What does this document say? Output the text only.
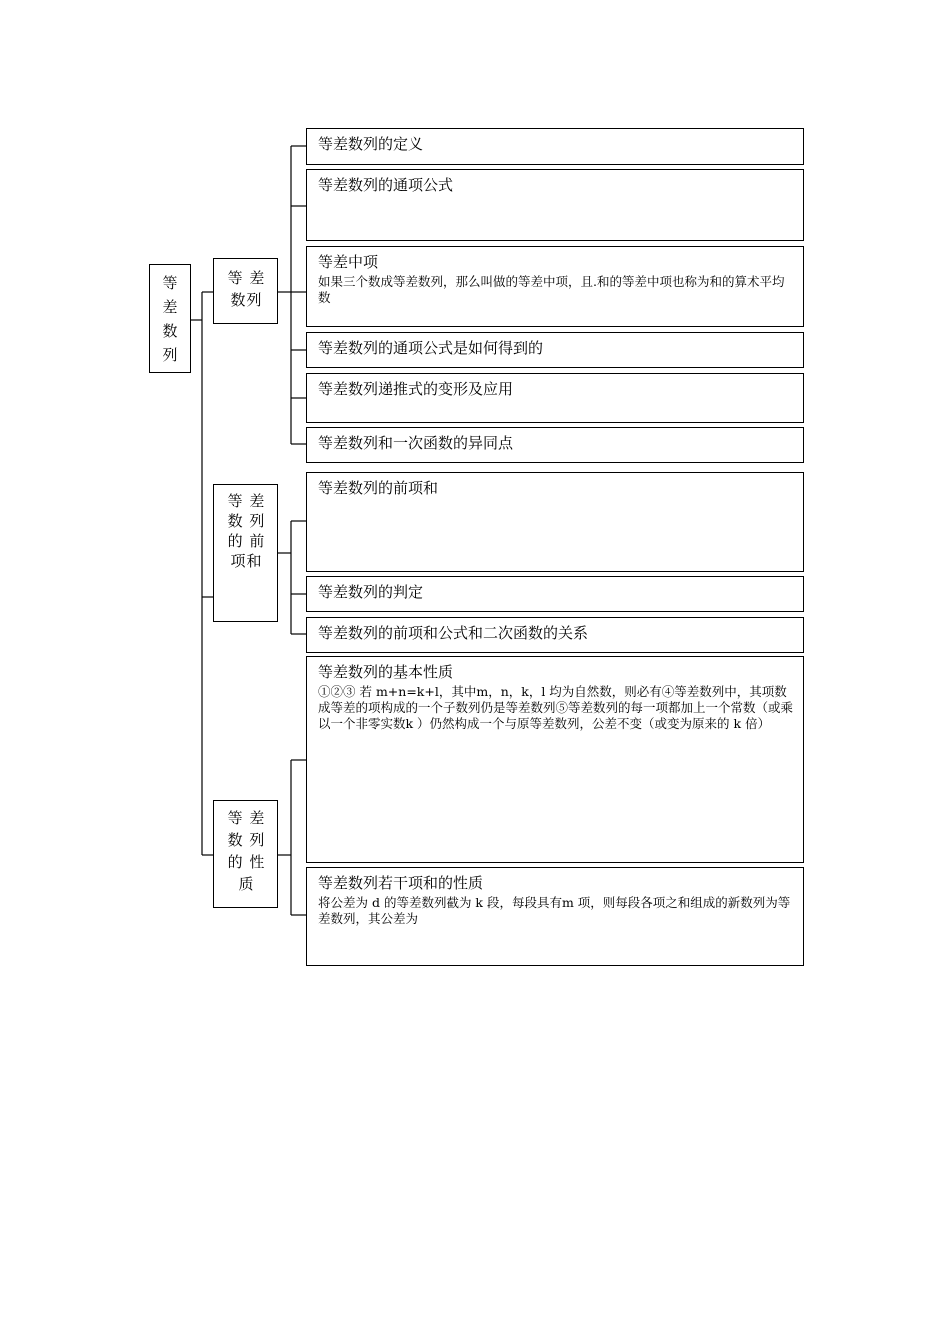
等
差
数
列
等 差 数列
等 差 数 列 的 前 项和
等 差 数 列 的 性 质
等差数列的定义
等差数列的通项公式
等差中项
如果三个数成等差数列，那么叫做的等差中项，且.和的等差中项也称为和的算术平均数
等差数列的通项公式是如何得到的
等差数列递推式的变形及应用
等差数列和一次函数的异同点
等差数列的前项和
等差数列的判定
等差数列的前项和公式和二次函数的关系
等差数列的基本性质
①②③ 若 m+n=k+l，其中m，n，k，l 均为自然数，则必有④等差数列中，其项数成等差的项构成的一个子数列仍是等差数列⑤等差数列的每一项都加上一个常数（或乘以一个非零实数k ）仍然构成一个与原等差数列，公差不变（或变为原来的 k 倍）
等差数列若干项和的性质
将公差为 d 的等差数列截为 k 段，每段具有m 项，则每段各项之和组成的新数列为等差数列，其公差为
